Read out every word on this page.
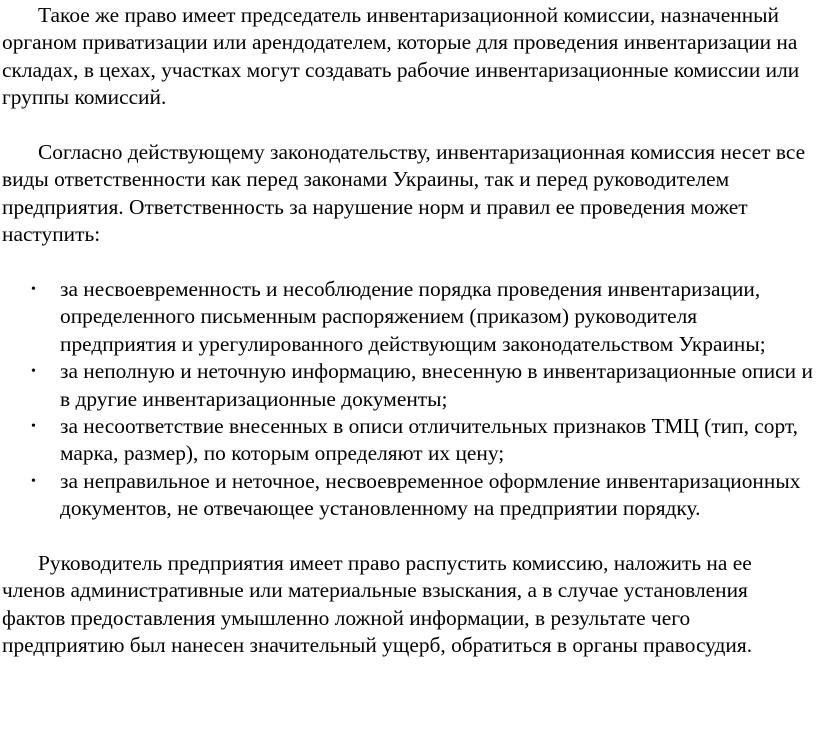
Такое же право имеет председатель инвентаризационной комиссии, назначенный органом приватизации или арендодателем, которые для проведения инвентаризации на складах, в цехах, участках могут создавать рабочие инвентаризационные комиссии или группы комиссий.

Согласно действующему законодательству, инвентаризационная комиссия несет все виды ответственности как перед законами Украины, так и перед руководителем предприятия. Ответственность за нарушение норм и правил ее проведения может наступить:

• за несвоевременность и несоблюдение порядка проведения инвентаризации, определенного письменным распоряжением (приказом) руководителя предприятия и урегулированного действующим законодательством Украины;
• за неполную и неточную информацию, внесенную в инвентаризационные описи и в другие инвентаризационные документы;
• за несоответствие внесенных в описи отличительных признаков ТМЦ (тип, сорт, марка, размер), по которым определяют их цену;
• за неправильное и неточное, несвоевременное оформление инвентаризационных документов, не отвечающее установленному на предприятии порядку.

Руководитель предприятия имеет право распустить комиссию, наложить на ее членов административные или материальные взыскания, а в случае установления фактов предоставления умышленно ложной информации, в результате чего предприятию был нанесен значительный ущерб, обратиться в органы правосудия.
